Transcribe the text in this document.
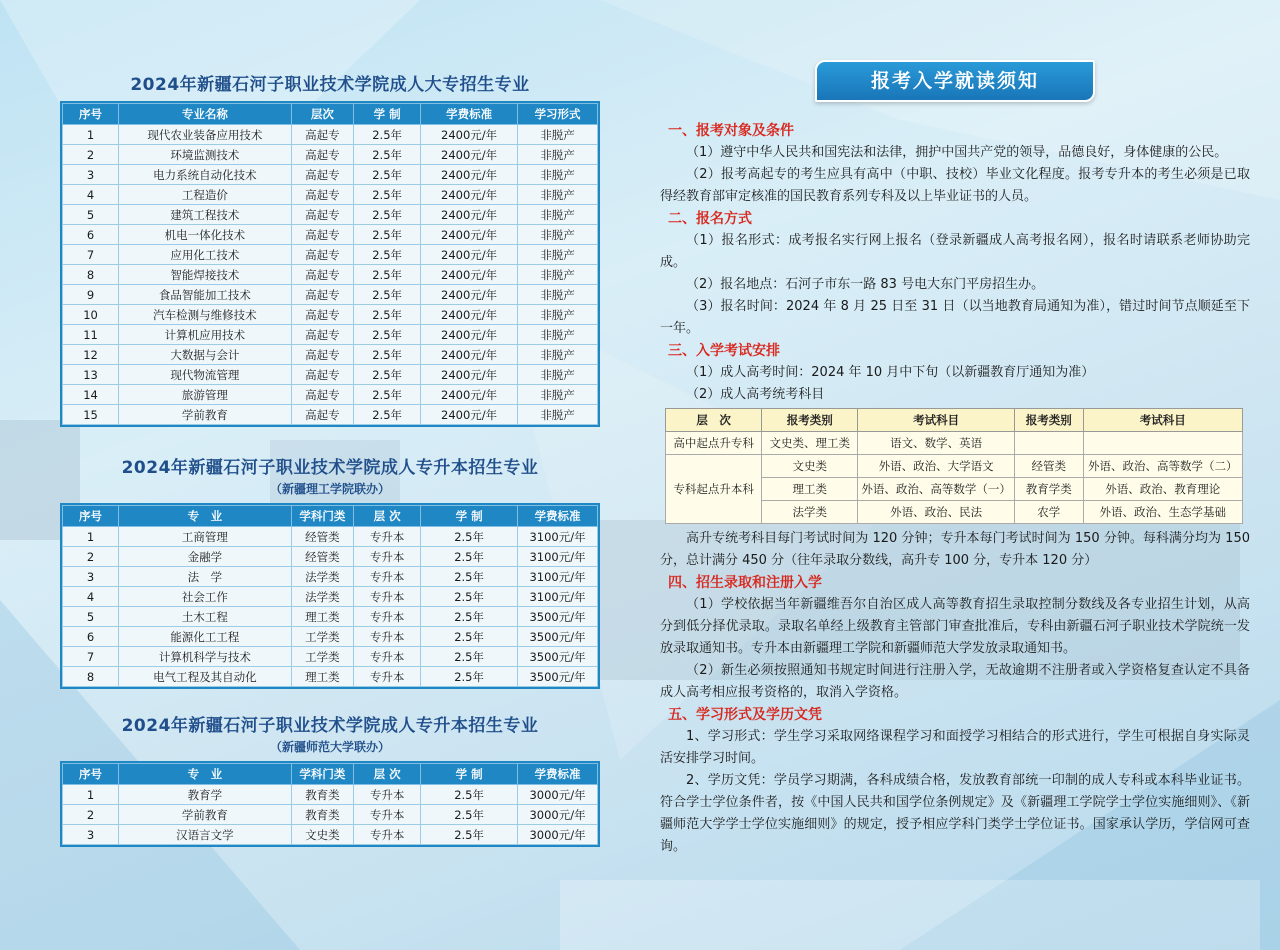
2024年新疆石河子职业技术学院成人大专招生专业
序号	专业名称	层次	学 制	学费标准	学习形式
1	现代农业装备应用技术	高起专	2.5年	2400元/年	非脱产
2	环境监测技术	高起专	2.5年	2400元/年	非脱产
3	电力系统自动化技术	高起专	2.5年	2400元/年	非脱产
4	工程造价	高起专	2.5年	2400元/年	非脱产
5	建筑工程技术	高起专	2.5年	2400元/年	非脱产
6	机电一体化技术	高起专	2.5年	2400元/年	非脱产
7	应用化工技术	高起专	2.5年	2400元/年	非脱产
8	智能焊接技术	高起专	2.5年	2400元/年	非脱产
9	食品智能加工技术	高起专	2.5年	2400元/年	非脱产
10	汽车检测与维修技术	高起专	2.5年	2400元/年	非脱产
11	计算机应用技术	高起专	2.5年	2400元/年	非脱产
12	大数据与会计	高起专	2.5年	2400元/年	非脱产
13	现代物流管理	高起专	2.5年	2400元/年	非脱产
14	旅游管理	高起专	2.5年	2400元/年	非脱产
15	学前教育	高起专	2.5年	2400元/年	非脱产
2024年新疆石河子职业技术学院成人专升本招生专业
（新疆理工学院联办）
序号	专　业	学科门类	层 次	学 制	学费标准
1	工商管理	经管类	专升本	2.5年	3100元/年
2	金融学	经管类	专升本	2.5年	3100元/年
3	法　学	法学类	专升本	2.5年	3100元/年
4	社会工作	法学类	专升本	2.5年	3100元/年
5	土木工程	理工类	专升本	2.5年	3500元/年
6	能源化工工程	工学类	专升本	2.5年	3500元/年
7	计算机科学与技术	工学类	专升本	2.5年	3500元/年
8	电气工程及其自动化	理工类	专升本	2.5年	3500元/年
2024年新疆石河子职业技术学院成人专升本招生专业
（新疆师范大学联办）
序号	专　业	学科门类	层 次	学 制	学费标准
1	教育学	教育类	专升本	2.5年	3000元/年
2	学前教育	教育类	专升本	2.5年	3000元/年
3	汉语言文学	文史类	专升本	2.5年	3000元/年
报考入学就读须知
一、报考对象及条件
（1）遵守中华人民共和国宪法和法律，拥护中国共产党的领导，品德良好，身体健康的公民。
（2）报考高起专的考生应具有高中（中职、技校）毕业文化程度。报考专升本的考生必须是已取得经教育部审定核准的国民教育系列专科及以上毕业证书的人员。
二、报名方式
（1）报名形式：成考报名实行网上报名（登录新疆成人高考报名网），报名时请联系老师协助完成。
（2）报名地点：石河子市东一路 83 号电大东门平房招生办。
（3）报名时间：2024 年 8 月 25 日至 31 日（以当地教育局通知为准），错过时间节点顺延至下一年。
三、入学考试安排
（1）成人高考时间：2024 年 10 月中下旬（以新疆教育厅通知为准）
（2）成人高考统考科目
层　次	报考类别	考试科目	报考类别	考试科目
高中起点升专科	文史类、理工类	语文、数学、英语		
专科起点升本科	文史类	外语、政治、大学语文	经管类	外语、政治、高等数学（二）
	理工类	外语、政治、高等数学（一）	教育学类	外语、政治、教育理论
	法学类	外语、政治、民法	农学	外语、政治、生态学基础
高升专统考科目每门考试时间为 120 分钟；专升本每门考试时间为 150 分钟。每科满分均为 150 分，总计满分 450 分（往年录取分数线，高升专 100 分，专升本 120 分）
四、招生录取和注册入学
（1）学校依据当年新疆维吾尔自治区成人高等教育招生录取控制分数线及各专业招生计划，从高分到低分择优录取。录取名单经上级教育主管部门审查批准后，专科由新疆石河子职业技术学院统一发放录取通知书。专升本由新疆理工学院和新疆师范大学发放录取通知书。
（2）新生必须按照通知书规定时间进行注册入学，无故逾期不注册者或入学资格复查认定不具备成人高考相应报考资格的，取消入学资格。
五、学习形式及学历文凭
1、学习形式：学生学习采取网络课程学习和面授学习相结合的形式进行，学生可根据自身实际灵活安排学习时间。
2、学历文凭：学员学习期满，各科成绩合格，发放教育部统一印制的成人专科或本科毕业证书。符合学士学位条件者，按《中国人民共和国学位条例规定》及《新疆理工学院学士学位实施细则》、《新疆师范大学学士学位实施细则》的规定，授予相应学科门类学士学位证书。国家承认学历，学信网可查询。
